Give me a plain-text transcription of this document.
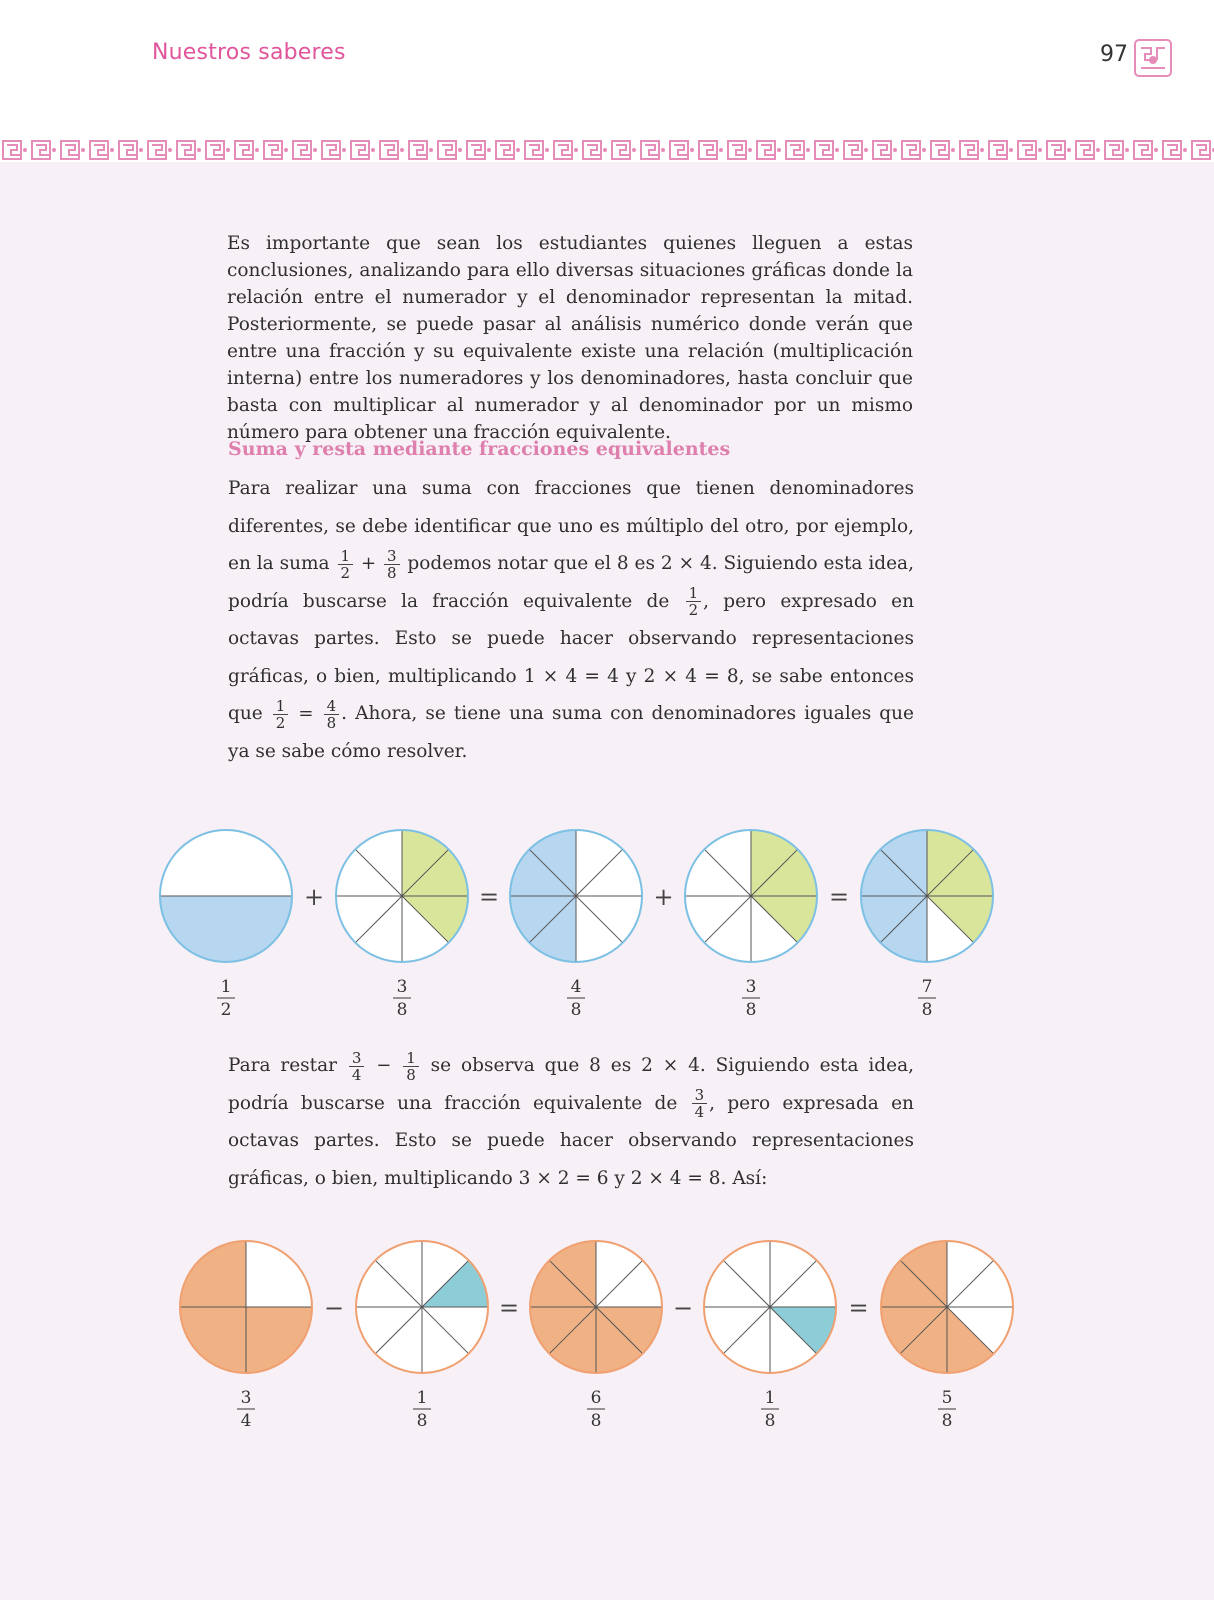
Nuestros saberes	97

Es importante que sean los estudiantes quienes lleguen a estas conclusiones, analizando para ello diversas situaciones gráficas donde la relación entre el numerador y el denominador representan la mitad. Posteriormente, se puede pasar al análisis numérico donde verán que entre una fracción y su equivalente existe una relación (multiplicación interna) entre los numeradores y los denominadores, hasta concluir que basta con multiplicar al numerador y al denominador por un mismo número para obtener una fracción equivalente.

Suma y resta mediante fracciones equivalentes

Para realizar una suma con fracciones que tienen denominadores diferentes, se debe identificar que uno es múltiplo del otro, por ejemplo, en la suma $\frac{1}{2} + \frac{3}{8}$ podemos notar que el 8 es 2 × 4. Siguiendo esta idea, podría buscarse la fracción equivalente de $\frac{1}{2}$ , pero expresado en octavas partes. Esto se puede hacer observando representaciones gráficas, o bien, multiplicando 1 × 4 = 4 y 2 × 4 = 8, se sabe entonces que $\frac{1}{2} = \frac{4}{8}$ . Ahora, se tiene una suma con denominadores iguales que ya se sabe cómo resolver.

1
2
3
8
4
8
3
8
7
8
+	=	+	=

Para restar $\frac{3}{4} - \frac{1}{8}$ se observa que 8 es 2 × 4. Siguiendo esta idea, podría buscarse una fracción equivalente de $\frac{3}{4}$ , pero expresada en octavas partes. Esto se puede hacer observando representaciones gráficas, o bien, multiplicando 3 × 2 = 6 y 2 × 4 = 8. Así:

3
4
1
8
6
8
1
8
5
8
−	=	−	=
